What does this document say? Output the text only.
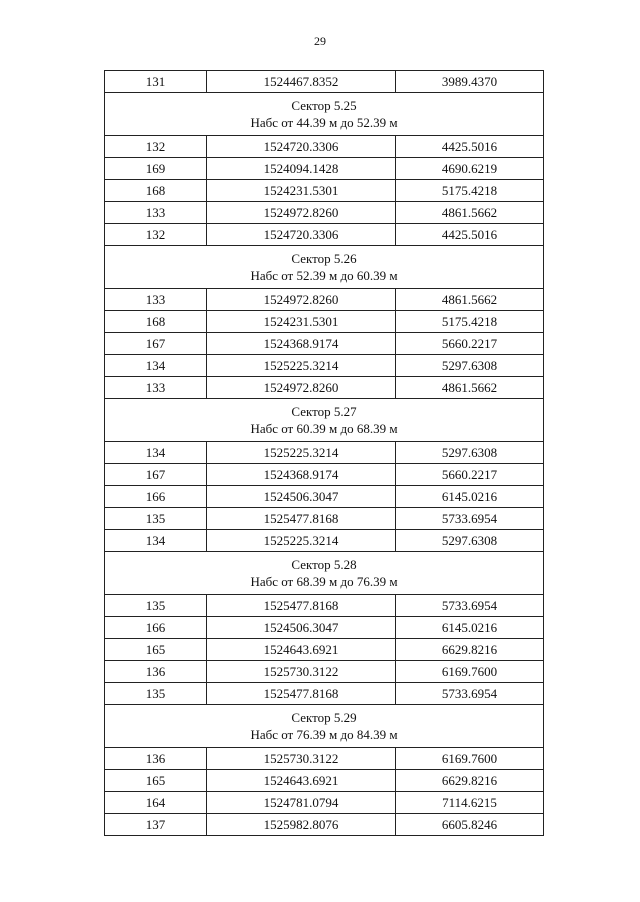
29
131	1524467.8352	3989.4370

Сектор 5.25
Набс от 44.39 м до 52.39 м		

132	1524720.3306	4425.5016
169	1524094.1428	4690.6219
168	1524231.5301	5175.4218
133	1524972.8260	4861.5662
132	1524720.3306	4425.5016

Сектор 5.26
Набс от 52.39 м до 60.39 м		

133	1524972.8260	4861.5662
168	1524231.5301	5175.4218
167	1524368.9174	5660.2217
134	1525225.3214	5297.6308
133	1524972.8260	4861.5662

Сектор 5.27
Набс от 60.39 м до 68.39 м		

134	1525225.3214	5297.6308
167	1524368.9174	5660.2217
166	1524506.3047	6145.0216
135	1525477.8168	5733.6954
134	1525225.3214	5297.6308

Сектор 5.28
Набс от 68.39 м до 76.39 м		

135	1525477.8168	5733.6954
166	1524506.3047	6145.0216
165	1524643.6921	6629.8216
136	1525730.3122	6169.7600
135	1525477.8168	5733.6954

Сектор 5.29
Набс от 76.39 м до 84.39 м		

136	1525730.3122	6169.7600
165	1524643.6921	6629.8216
164	1524781.0794	7114.6215
137	1525982.8076	6605.8246
